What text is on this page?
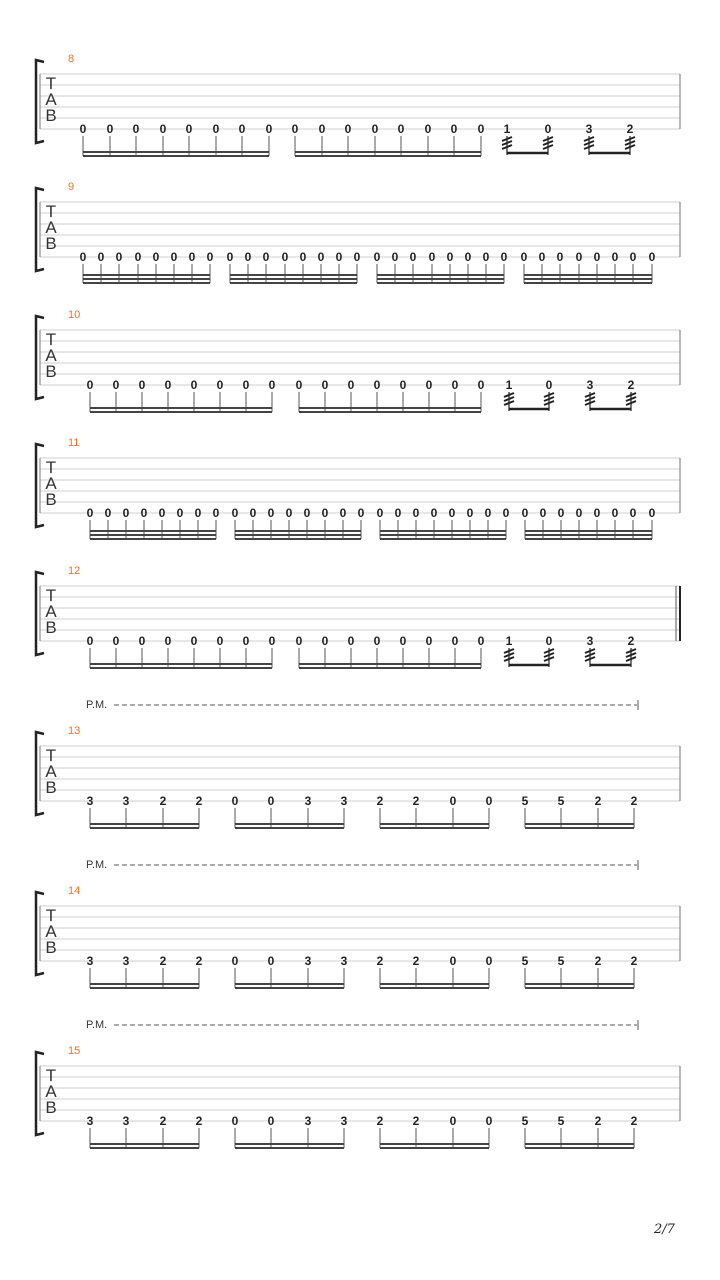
T
A
B
8
0 0 0 0 0 0 0 0 0 0 0 0 0 0 0 0 1	0	3	2
T
A
B
9
0 0 0 0 0 0 0 0 0 0 0 0 0 0 0 0 0 0 0 0 0 0 0 0 0 0 0 0 0 0 0 0
T
A
B
10
0 0 0 0 0 0 0 0 0 0 0 0 0 0 0 0 1	0	3	2
T
A
B
11
0 0 0 0 0 0 0 0 0 0 0 0 0 0 0 0 0 0 0 0 0 0 0 0 0 0 0 0 0 0 0 0
T
A
B
12
0 0 0 0 0 0 0 0 0 0 0 0 0 0 0 0 1	0	3	2
T
A
B
13
P.M.
3 3	2 2 0 0	3 3 2 2	0 0 5 5	2 2
T
A
B
14
P.M.
3 3	2 2 0 0	3 3 2 2	0 0 5 5	2 2
T
A
B
15
P.M.
3 3	2 2 0 0	3 3 2 2	0 0 5 5	2 2
2/7
